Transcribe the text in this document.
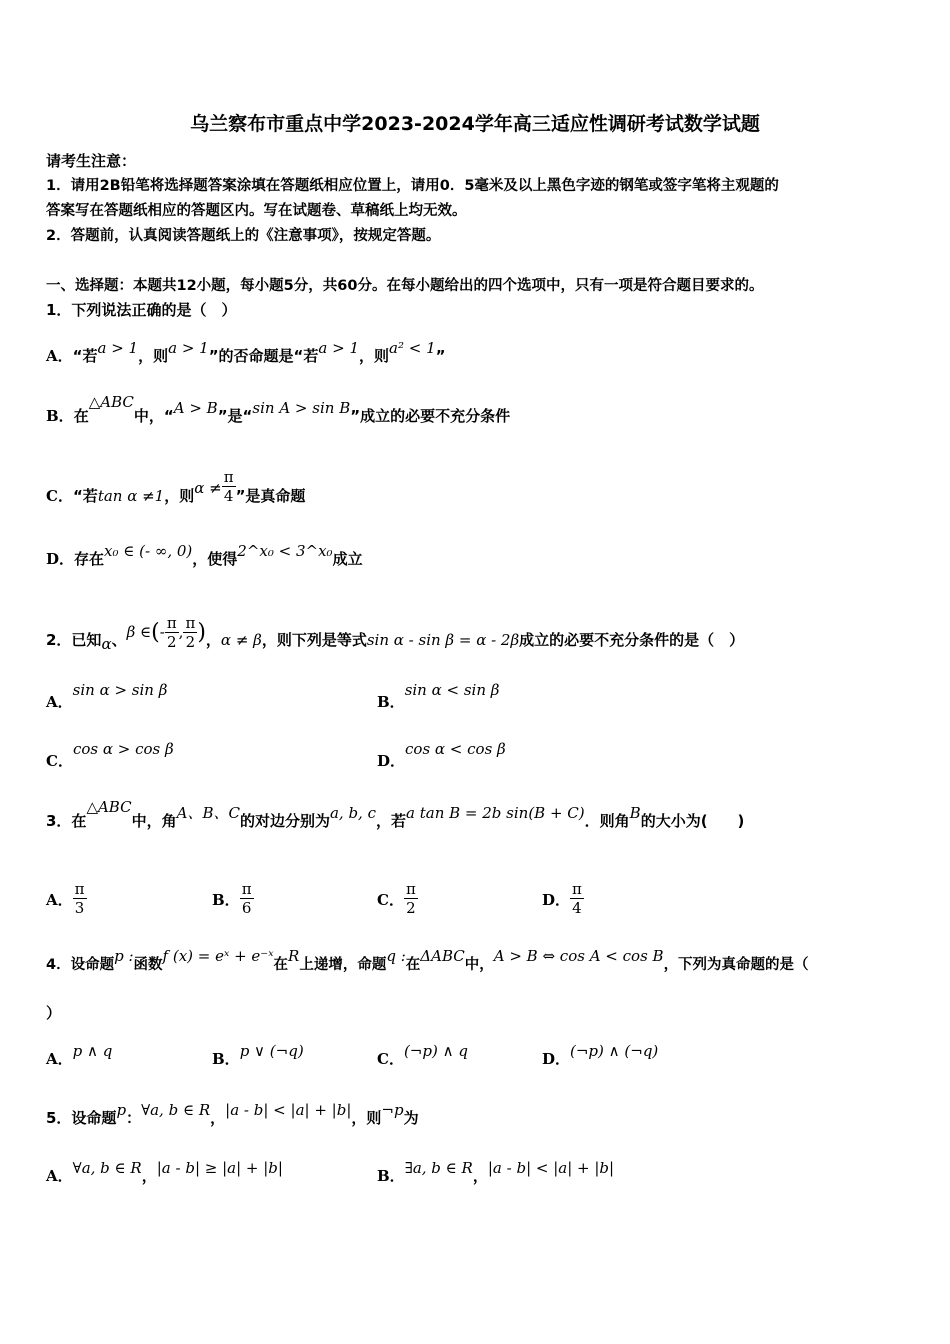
乌兰察布市重点中学2023-2024学年高三适应性调研考试数学试题
请考生注意：
1．请用2B铅笔将选择题答案涂填在答题纸相应位置上，请用0．5毫米及以上黑色字迹的钢笔或签字笔将主观题的
答案写在答题纸相应的答题区内。写在试题卷、草稿纸上均无效。
2．答题前，认真阅读答题纸上的《注意事项》，按规定答题。
一、选择题：本题共12小题，每小题5分，共60分。在每小题给出的四个选项中，只有一项是符合题目要求的。
1．下列说法正确的是（　）
A．“若a > 1，则a > 1”的否命题是“若a > 1，则a² < 1”
B．在△ABC中，“A > B”是“sin A > sin B”成立的必要不充分条件
C．“若tan α ≠1，则$\alpha \ne \frac{\pi}{4}$ ”是真命题
D．存在x₀ ∈ (- ∞, 0)，使得2^x₀ < 3^x₀成立
2．已知α、β ∈(- $\frac{\pi}{2}$ , $\frac{\pi}{2}$ )，α ≠ β，则下列是等式sin α - sin β = α - 2β成立的必要不充分条件的是（　）
A．sin α > sin β
B．sin α < sin β
C．cos α > cos β
D．cos α < cos β
3．在△ABC中，角A、B、C的对边分别为a, b, c，若a tan B = 2b sin(B + C)．则角B的大小为(　　)
A． $\frac{\pi}{3}$	B． $\frac{\pi}{6}$	C． $\frac{\pi}{2}$	D． $\frac{\pi}{4}$
4．设命题p :函数f (x) = eˣ + e⁻ˣ在R上递增，命题q :在ΔABC中，A > B ⇔ cos A < cos B，下列为真命题的是（
）
A．p ∧ q	B．p ∨ (¬q)	C．(¬p) ∧ q	D．(¬p) ∧ (¬q)
5．设命题p：∀a, b ∈ R，|a - b| < |a| + |b|，则¬p为
A．∀a, b ∈ R，|a - b| ≥ |a| + |b|	B．∃a, b ∈ R，|a - b| < |a| + |b|
